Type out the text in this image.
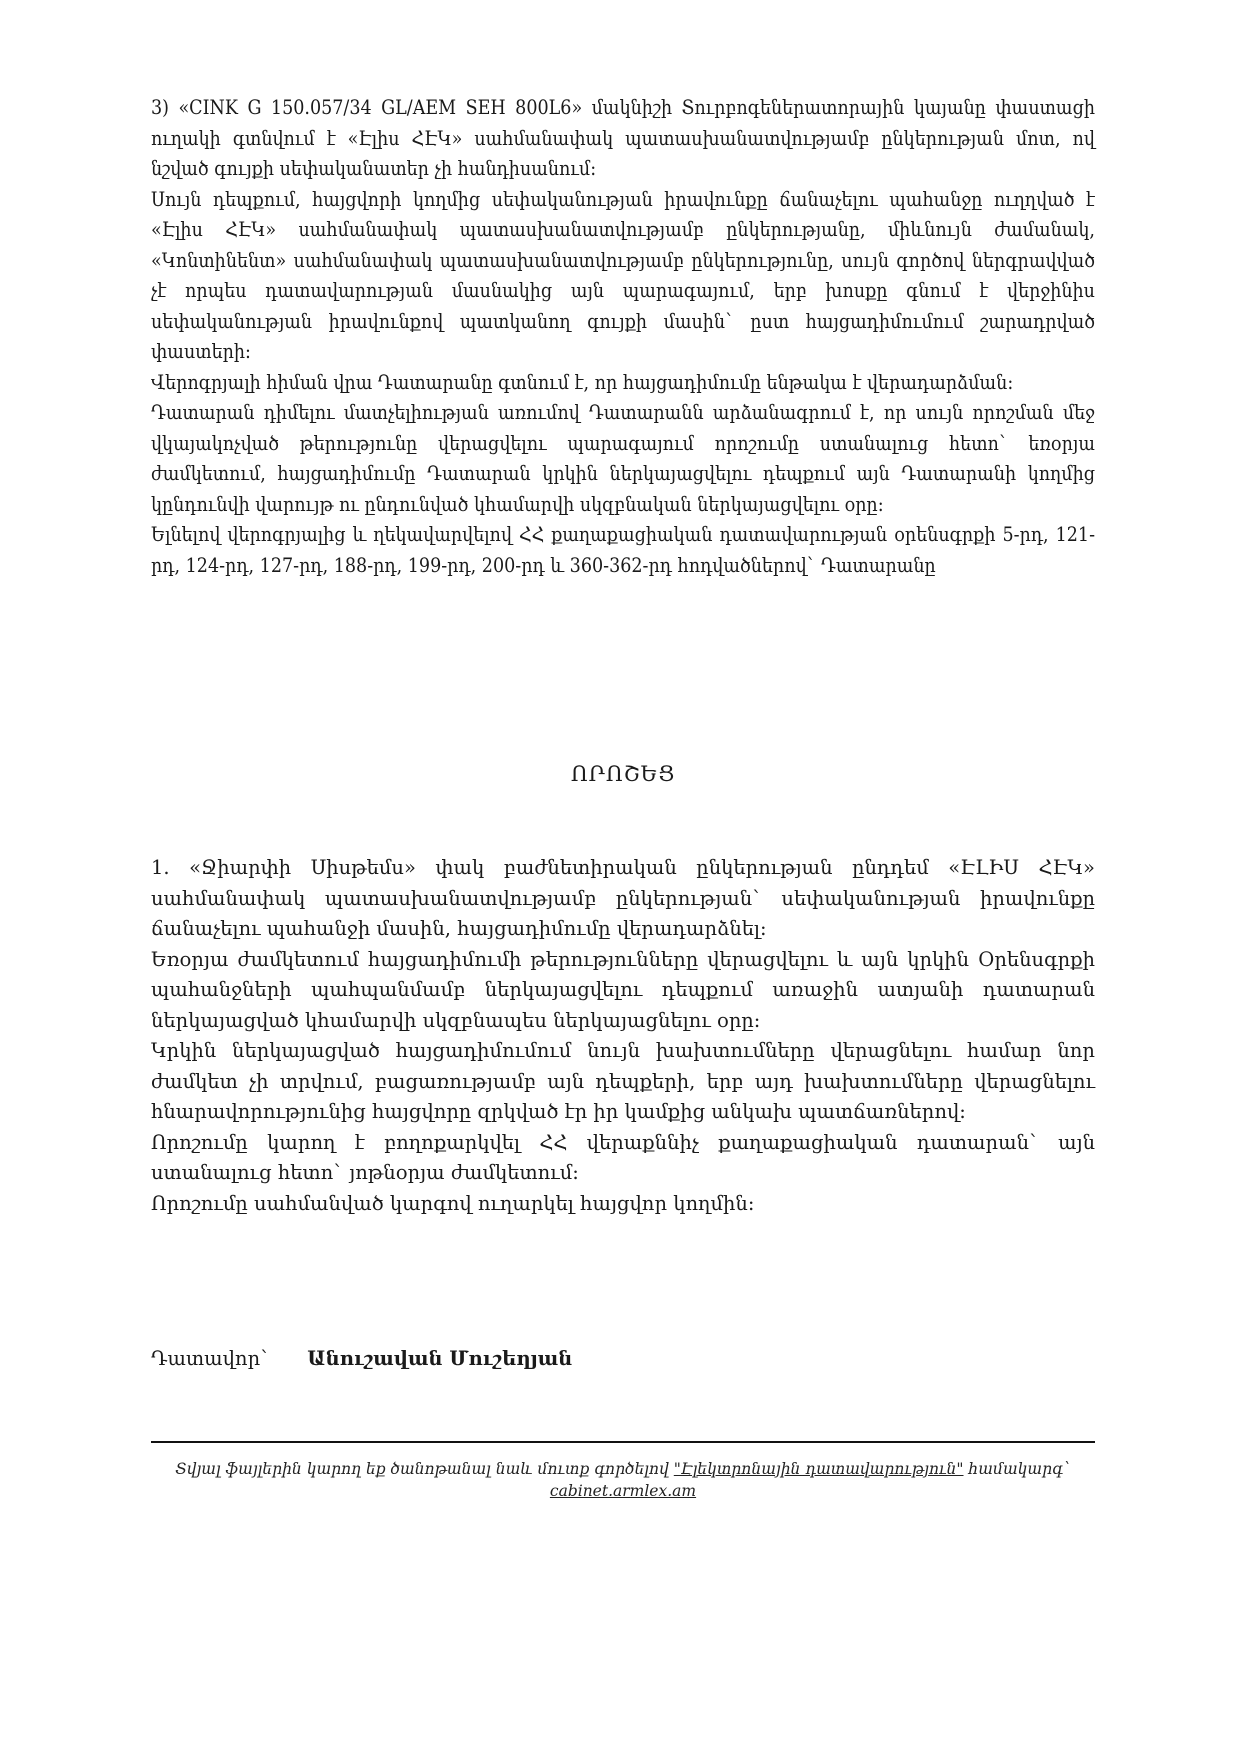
3) «CINK G 150.057/34 GL/AEM SEH 800L6» մակնիշի Տուրբոգեներատորային կայանը փաստացի ուղակի գտնվում է «Էլիս ՀԷԿ» սահմանափակ պատասխանատվությամբ ընկերության մոտ, ով նշված գույքի սեփականատեր չի հանդիսանում:

Սույն դեպքում, հայցվորի կողմից սեփականության իրավունքը ճանաչելու պահանջը ուղղված է «Էլիս ՀԷԿ» սահմանափակ պատասխանատվությամբ ընկերությանը, միևնույն ժամանակ, «Կոնտինենտ» սահմանափակ պատասխանատվությամբ ընկերությունը, սույն գործով ներգրավված չէ որպես դատավարության մասնակից այն պարագայում, երբ խոսքը գնում է վերջինիս սեփականության իրավունքով պատկանող գույքի մասին` ըստ հայցադիմումում շարադրված փաստերի:

Վերոգրյալի հիման վրա Դատարանը գտնում է, որ հայցադիմումը ենթակա է վերադարձման:

Դատարան դիմելու մատչելիության առումով Դատարանն արձանագրում է, որ սույն որոշման մեջ վկայակոչված թերությունը վերացվելու պարագայում որոշումը ստանալուց հետո` եռօրյա ժամկետում, հայցադիմումը Դատարան կրկին ներկայացվելու դեպքում այն Դատարանի կողմից կընդունվի վարույթ ու ընդունված կհամարվի սկզբնական ներկայացվելու օրը:

Ելնելով վերոգրյալից և ղեկավարվելով ՀՀ քաղաքացիական դատավարության օրենսգրքի 5-րդ, 121-րդ, 124-րդ, 127-րդ, 188-րդ, 199-րդ, 200-րդ և 360-362-րդ հոդվածներով` Դատարանը

ՈՐՈՇԵՑ

1. «Ջիարփի Սիսթեմս» փակ բաժնետիրական ընկերության ընդդեմ «ԷԼԻՍ ՀԷԿ» սահմանափակ պատասխանատվությամբ ընկերության` սեփականության իրավունքը ճանաչելու պահանջի մասին, հայցադիմումը վերադարձնել:

Եռօրյա ժամկետում հայցադիմումի թերությունները վերացվելու և այն կրկին Օրենսգրքի պահանջների պահպանմամբ ներկայացվելու դեպքում առաջին ատյանի դատարան ներկայացված կհամարվի սկզբնապես ներկայացնելու օրը:

Կրկին ներկայացված հայցադիմումում նույն խախտումները վերացնելու համար նոր ժամկետ չի տրվում, բացառությամբ այն դեպքերի, երբ այդ խախտումները վերացնելու հնարավորությունից հայցվորը զրկված էր իր կամքից անկախ պատճառներով:

Որոշումը կարող է բողոքարկվել ՀՀ վերաքննիչ քաղաքացիական դատարան` այն ստանալուց հետո` յոթնօրյա ժամկետում:

Որոշումը սահմանված կարգով ուղարկել հայցվոր կողմին:

Դատավոր` Անուշավան Մուշեղյան
Տվյալ ֆայլերին կարող եք ծանոթանալ նաև մուտք գործելով "Էլեկտրոնային դատավարություն" համակարգ`
cabinet.armlex.am
